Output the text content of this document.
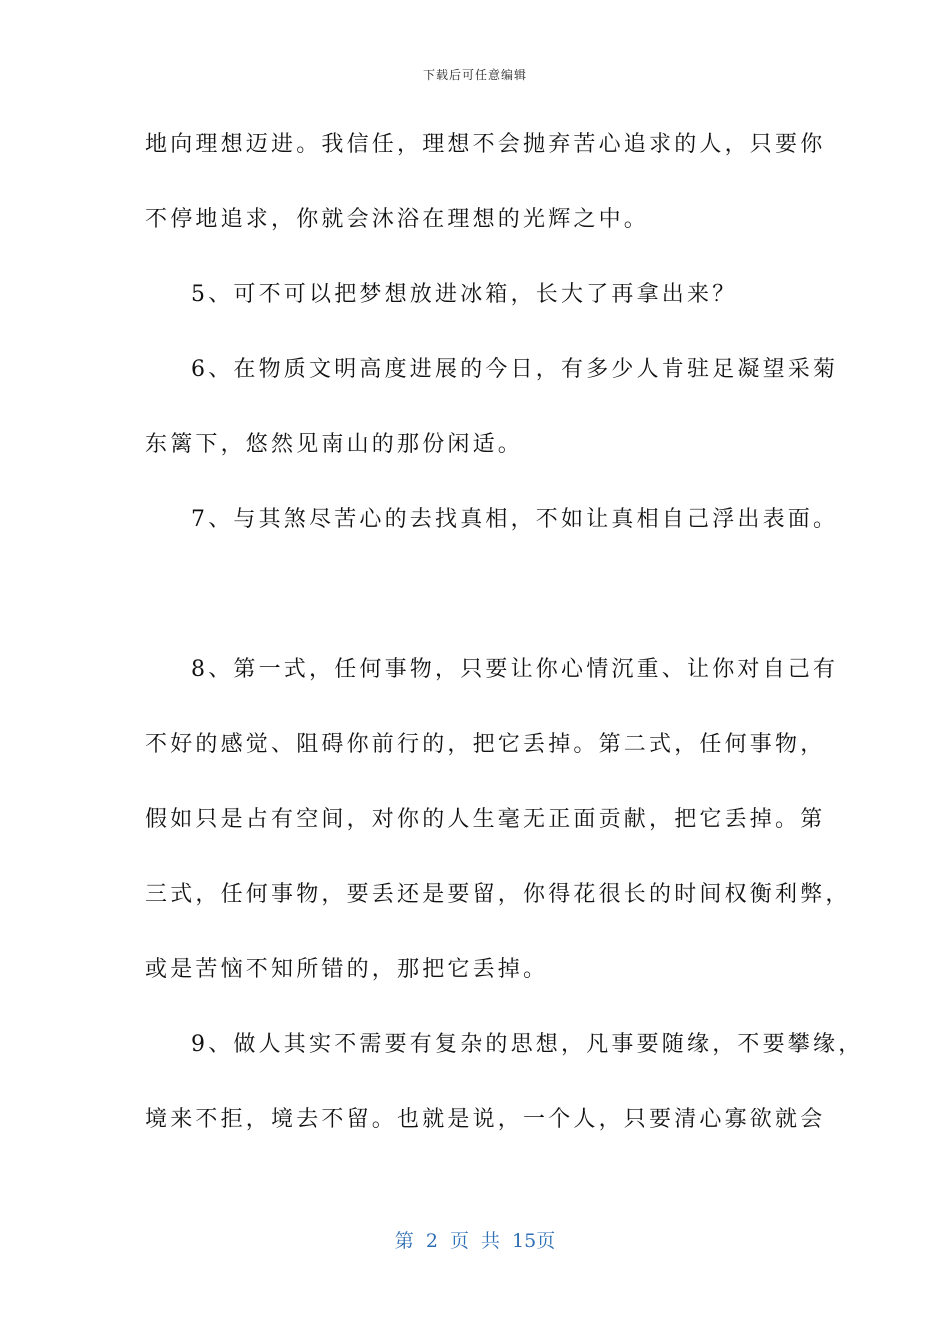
下载后可任意编辑
地向理想迈进。我信任，理想不会抛弃苦心追求的人，只要你
不停地追求，你就会沐浴在理想的光辉之中。
5、可不可以把梦想放进冰箱，长大了再拿出来？
6、在物质文明高度进展的今日，有多少人肯驻足凝望采菊
东篱下，悠然见南山的那份闲适。
7、与其煞尽苦心的去找真相，不如让真相自己浮出表面。
8、第一式，任何事物，只要让你心情沉重、让你对自己有
不好的感觉、阻碍你前行的，把它丢掉。第二式，任何事物，
假如只是占有空间，对你的人生毫无正面贡献，把它丢掉。第
三式，任何事物，要丢还是要留，你得花很长的时间权衡利弊，
或是苦恼不知所错的，那把它丢掉。
9、做人其实不需要有复杂的思想，凡事要随缘，不要攀缘，
境来不拒，境去不留。也就是说，一个人，只要清心寡欲就会
第 2 页 共 15页
